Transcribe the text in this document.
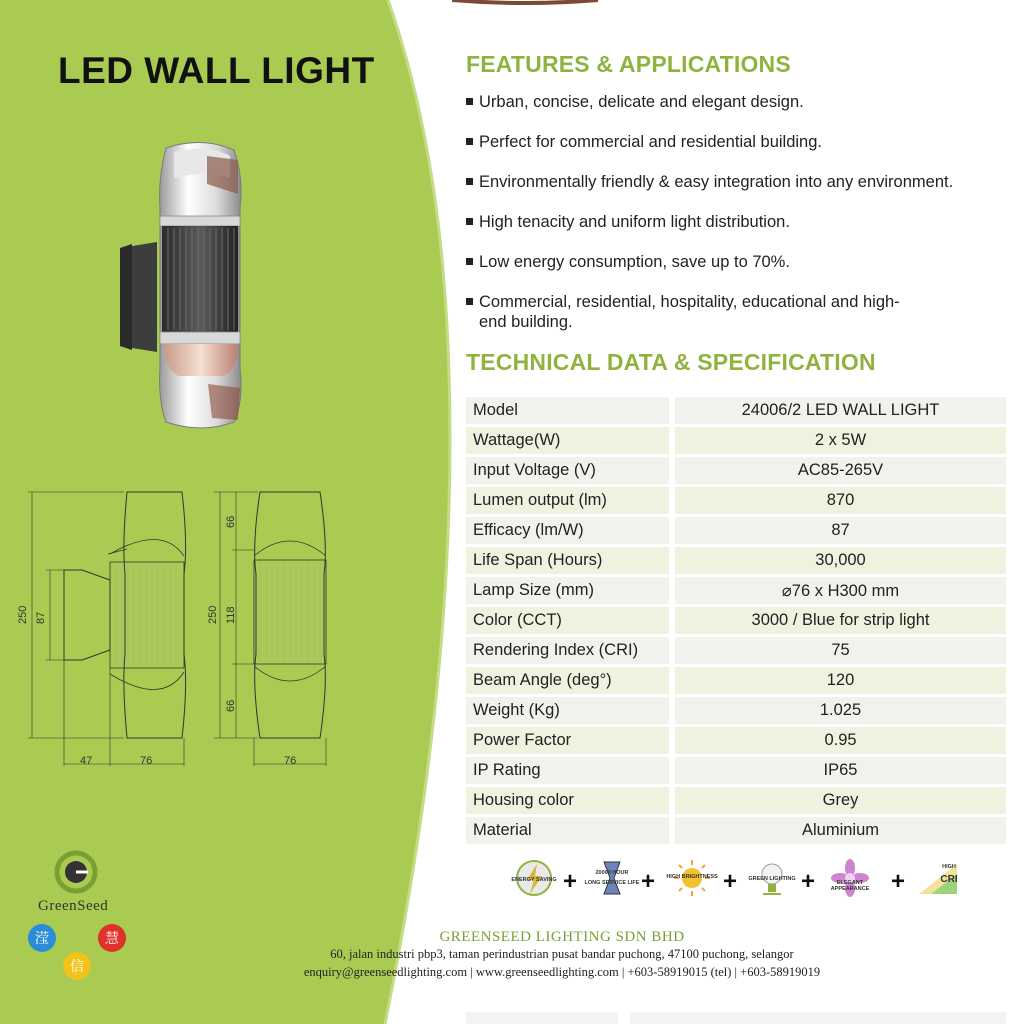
LED WALL LIGHT
250 87
47	76
66
118
66
250
76
FEATURES & APPLICATIONS
Urban, concise, delicate and elegant design.
Perfect for commercial and residential building.
Environmentally friendly & easy integration into any environment.
High tenacity and uniform light distribution.
Low energy consumption, save up to 70%.
Commercial, residential, hospitality, educational and high-end building.
TECHNICAL DATA & SPECIFICATION
Model		24006/2 LED WALL LIGHT
Wattage(W)		2 x 5W
Input Voltage (V)		AC85-265V
Lumen output (lm)		870
Efficacy (lm/W)		87
Life Span (Hours)		30,000
Lamp Size (mm)		⌀76 x H300 mm
Color (CCT)		3000 / Blue for strip light
Rendering Index (CRI)		75
Beam Angle (deg°)		120
Weight (Kg)		1.025
Power Factor		0.95
IP Rating		IP65
Housing color		Grey
Material		Aluminium
ENERGY SAVING +	20000 HOUR
LONG SERVICE LIFE +	HIGH BRIGHTNESS +	GREEN LIGHTING +	ELEGANT APPEARANCE +
HIGH
CRI
滢	慧
信
GreenSeed
GREENSEED LIGHTING SDN BHD
60, jalan industri pbp3, taman perindustrian pusat bandar puchong, 47100 puchong, selangor
enquiry@greenseedlighting.com | www.greenseedlighting.com | +603-58919015 (tel) | +603-58919019
